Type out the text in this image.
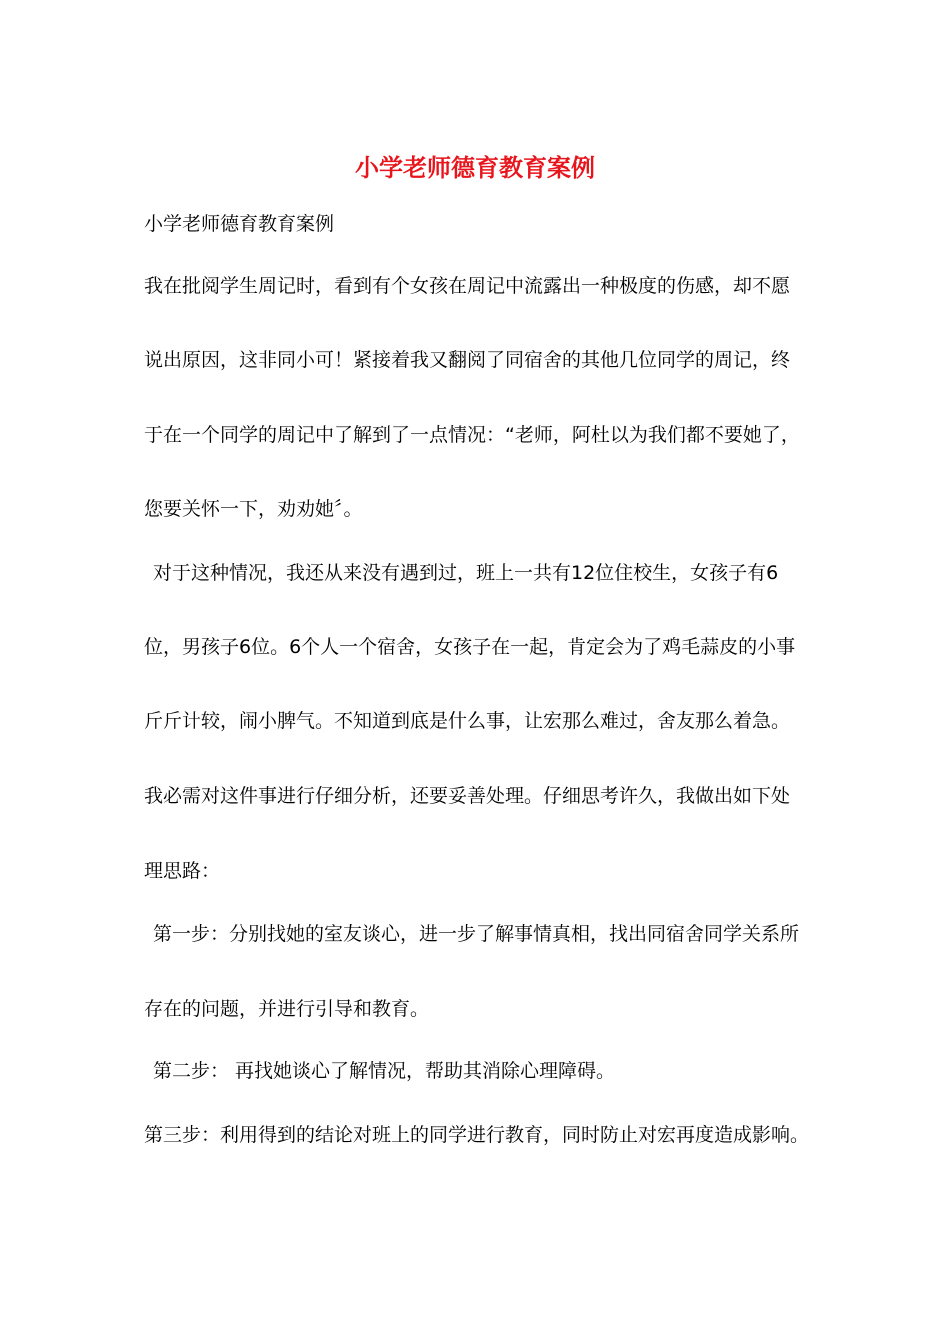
小学老师德育教育案例

小学老师德育教育案例

我在批阅学生周记时，看到有个女孩在周记中流露出一种极度的伤感，却不愿

说出原因，这非同小可！紧接着我又翻阅了同宿舍的其他几位同学的周记，终

于在一个同学的周记中了解到了一点情况：“老师，阿杜以为我们都不要她了，

您要关怀一下，劝劝她〞。

对于这种情况，我还从来没有遇到过，班上一共有12位住校生，女孩子有6

位，男孩子6位。6个人一个宿舍，女孩子在一起，肯定会为了鸡毛蒜皮的小事

斤斤计较，闹小脾气。不知道到底是什么事，让宏那么难过，舍友那么着急。

我必需对这件事进行仔细分析，还要妥善处理。仔细思考许久，我做出如下处

理思路：

第一步：分别找她的室友谈心，进一步了解事情真相，找出同宿舍同学关系所

存在的问题，并进行引导和教育。

第二步： 再找她谈心了解情况，帮助其消除心理障碍。

第三步：利用得到的结论对班上的同学进行教育，同时防止对宏再度造成影响。
